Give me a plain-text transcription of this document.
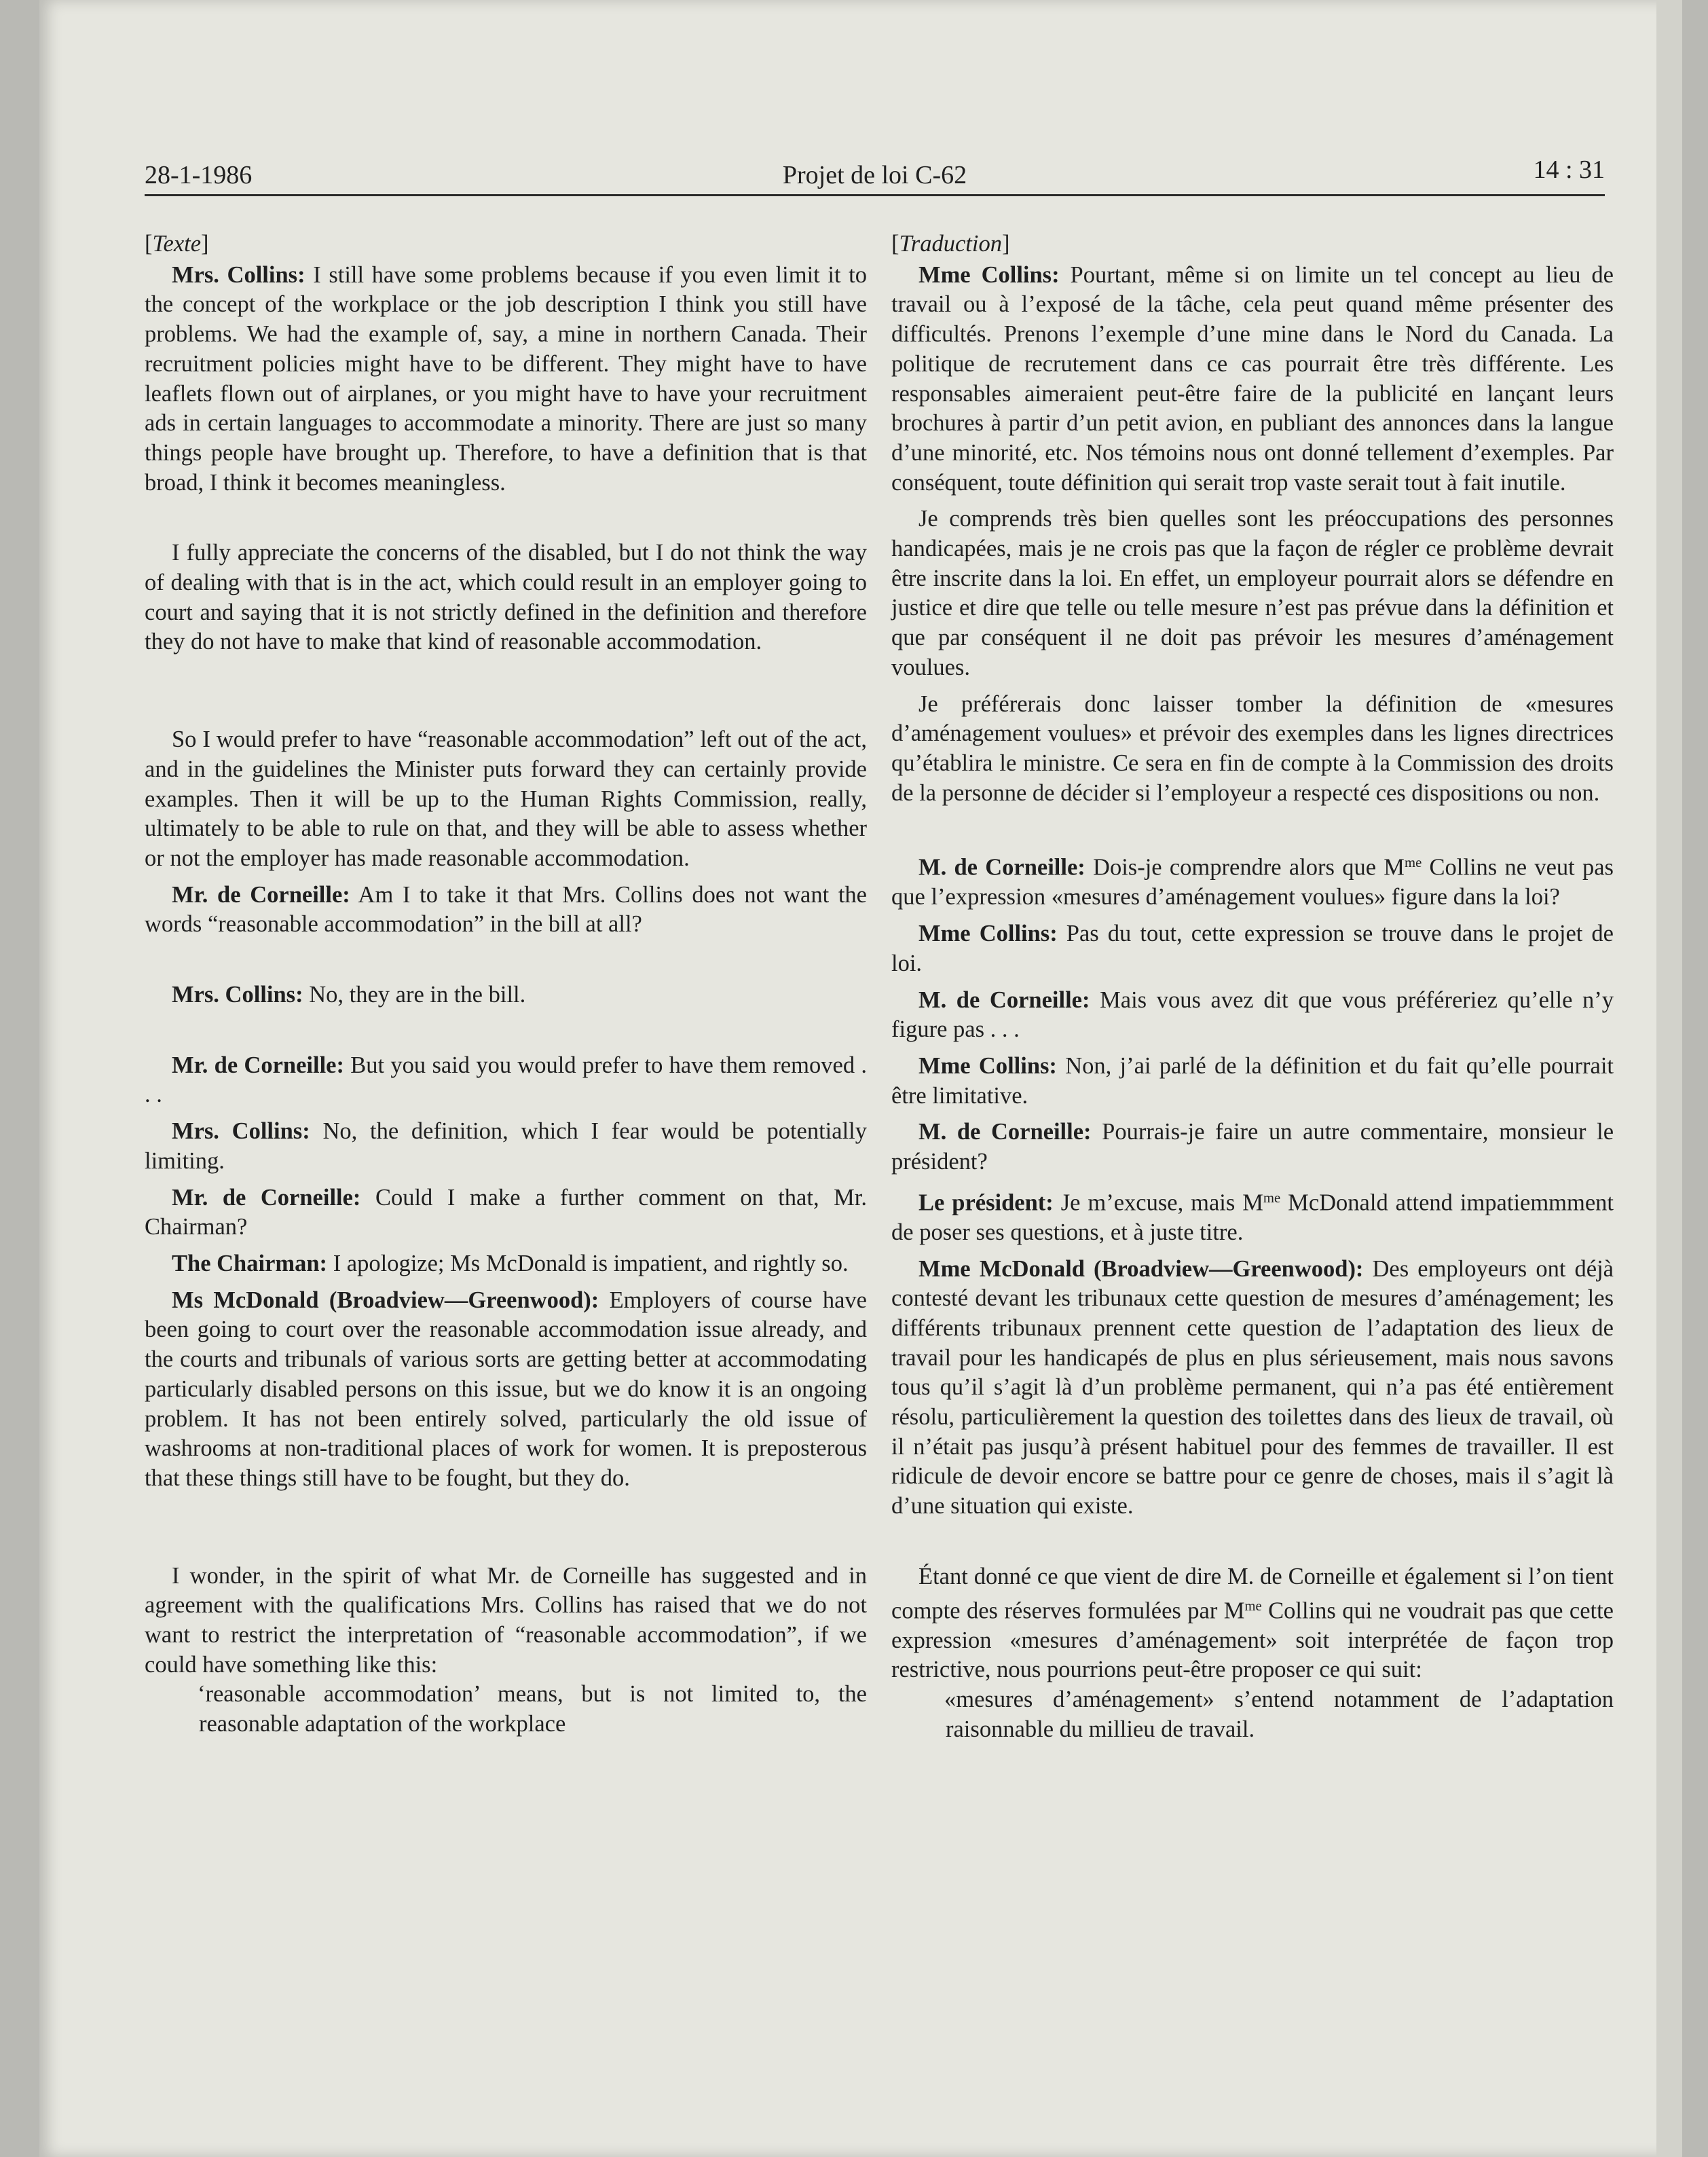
28-1-1986	Projet de loi C-62	14 : 31
[Texte]

Mrs. Collins: I still have some problems because if you even limit it to the concept of the workplace or the job description I think you still have problems. We had the example of, say, a mine in northern Canada. Their recruitment policies might have to be different. They might have to have leaflets flown out of airplanes, or you might have to have your recruitment ads in certain languages to accommodate a minority. There are just so many things people have brought up. Therefore, to have a definition that is that broad, I think it becomes meaningless.

I fully appreciate the concerns of the disabled, but I do not think the way of dealing with that is in the act, which could result in an employer going to court and saying that it is not strictly defined in the definition and therefore they do not have to make that kind of reasonable accommodation.

So I would prefer to have “reasonable accommodation” left out of the act, and in the guidelines the Minister puts forward they can certainly provide examples. Then it will be up to the Human Rights Commission, really, ultimately to be able to rule on that, and they will be able to assess whether or not the employer has made reasonable accommodation.

Mr. de Corneille: Am I to take it that Mrs. Collins does not want the words “reasonable accommodation” in the bill at all?

Mrs. Collins: No, they are in the bill.

Mr. de Corneille: But you said you would prefer to have them removed . . .

Mrs. Collins: No, the definition, which I fear would be potentially limiting.

Mr. de Corneille: Could I make a further comment on that, Mr. Chairman?

The Chairman: I apologize; Ms McDonald is impatient, and rightly so.

Ms McDonald (Broadview—Greenwood): Employers of course have been going to court over the reasonable accommodation issue already, and the courts and tribunals of various sorts are getting better at accommodating particularly disabled persons on this issue, but we do know it is an ongoing problem. It has not been entirely solved, particularly the old issue of washrooms at non-traditional places of work for women. It is preposterous that these things still have to be fought, but they do.

I wonder, in the spirit of what Mr. de Corneille has suggested and in agreement with the qualifications Mrs. Collins has raised that we do not want to restrict the interpretation of “reasonable accommodation”, if we could have something like this:

‘reasonable accommodation’ means, but is not limited to, the reasonable adaptation of the workplace

[Traduction]

Mme Collins: Pourtant, même si on limite un tel concept au lieu de travail ou à l’exposé de la tâche, cela peut quand même présenter des difficultés. Prenons l’exemple d’une mine dans le Nord du Canada. La politique de recrutement dans ce cas pourrait être très différente. Les responsables aimeraient peut-être faire de la publicité en lançant leurs brochures à partir d’un petit avion, en publiant des annonces dans la langue d’une minorité, etc. Nos témoins nous ont donné tellement d’exemples. Par conséquent, toute définition qui serait trop vaste serait tout à fait inutile.

Je comprends très bien quelles sont les préoccupations des personnes handicapées, mais je ne crois pas que la façon de régler ce problème devrait être inscrite dans la loi. En effet, un employeur pourrait alors se défendre en justice et dire que telle ou telle mesure n’est pas prévue dans la définition et que par conséquent il ne doit pas prévoir les mesures d’aménagement voulues.

Je préférerais donc laisser tomber la définition de «mesures d’aménagement voulues» et prévoir des exemples dans les lignes directrices qu’établira le ministre. Ce sera en fin de compte à la Commission des droits de la personne de décider si l’employeur a respecté ces dispositions ou non.

M. de Corneille: Dois-je comprendre alors que $M^{me}$ Collins ne veut pas que l’expression «mesures d’aménagement voulues» figure dans la loi?

Mme Collins: Pas du tout, cette expression se trouve dans le projet de loi.

M. de Corneille: Mais vous avez dit que vous préféreriez qu’elle n’y figure pas . . .

Mme Collins: Non, j’ai parlé de la définition et du fait qu’elle pourrait être limitative.

M. de Corneille: Pourrais-je faire un autre commentaire, monsieur le président?

Le président: Je m’excuse, mais $M^{me}$ McDonald attend impatiemmment de poser ses questions, et à juste titre.

Mme McDonald (Broadview—Greenwood): Des employeurs ont déjà contesté devant les tribunaux cette question de mesures d’aménagement; les différents tribunaux prennent cette question de l’adaptation des lieux de travail pour les handicapés de plus en plus sérieusement, mais nous savons tous qu’il s’agit là d’un problème permanent, qui n’a pas été entièrement résolu, particulièrement la question des toilettes dans des lieux de travail, où il n’était pas jusqu’à présent habituel pour des femmes de travailler. Il est ridicule de devoir encore se battre pour ce genre de choses, mais il s’agit là d’une situation qui existe.

Étant donné ce que vient de dire M. de Corneille et également si l’on tient compte des réserves formulées par $M^{me}$ Collins qui ne voudrait pas que cette expression «mesures d’aménagement» soit interprétée de façon trop restrictive, nous pourrions peut-être proposer ce qui suit:

«mesures d’aménagement» s’entend notamment de l’adaptation raisonnable du millieu de travail.
